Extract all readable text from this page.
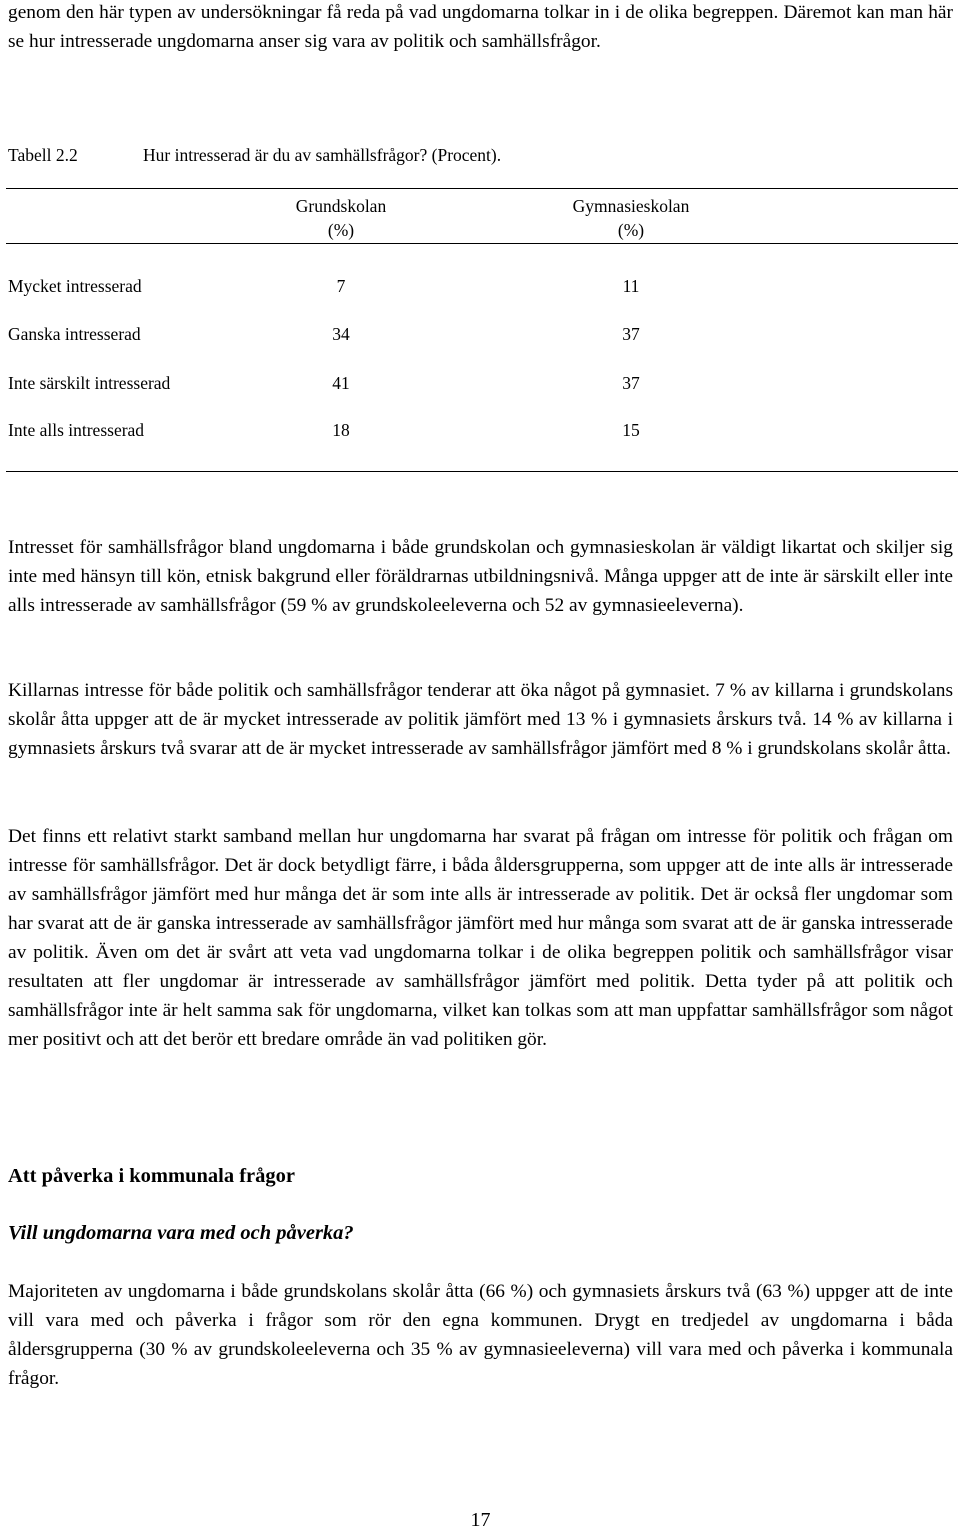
genom den här typen av undersökningar få reda på vad ungdomarna tolkar in i de olika begreppen. Däremot kan man här se hur intresserade ungdomarna anser sig vara av politik och samhällsfrågor.

Tabell 2.2	Hur intresserad är du av samhällsfrågor? (Procent).
Grundskolan
(%)
Gymnasieskolan
(%)
Mycket intresserad	7	11
Ganska intresserad	34	37
Inte särskilt intresserad	41	37
Inte alls intresserad	18	15

Intresset för samhällsfrågor bland ungdomarna i både grundskolan och gymnasieskolan är väldigt likartat och skiljer sig inte med hänsyn till kön, etnisk bakgrund eller föräldrarnas utbildningsnivå. Många uppger att de inte är särskilt eller inte alls intresserade av samhällsfrågor (59 % av grundskoleeleverna och 52 av gymnasieeleverna).

Killarnas intresse för både politik och samhällsfrågor tenderar att öka något på gymnasiet. 7 % av killarna i grundskolans skolår åtta uppger att de är mycket intresserade av politik jämfört med 13 % i gymnasiets årskurs två. 14 % av killarna i gymnasiets årskurs två svarar att de är mycket intresserade av samhällsfrågor jämfört med 8 % i grundskolans skolår åtta.

Det finns ett relativt starkt samband mellan hur ungdomarna har svarat på frågan om intresse för politik och frågan om intresse för samhällsfrågor. Det är dock betydligt färre, i båda åldersgrupperna, som uppger att de inte alls är intresserade av samhällsfrågor jämfört med hur många det är som inte alls är intresserade av politik. Det är också fler ungdomar som har svarat att de är ganska intresserade av samhällsfrågor jämfört med hur många som svarat att de är ganska intresserade av politik. Även om det är svårt att veta vad ungdomarna tolkar i de olika begreppen politik och samhällsfrågor visar resultaten att fler ungdomar är intresserade av samhällsfrågor jämfört med politik. Detta tyder på att politik och samhällsfrågor inte är helt samma sak för ungdomarna, vilket kan tolkas som att man uppfattar samhällsfrågor som något mer positivt och att det berör ett bredare område än vad politiken gör.

Att påverka i kommunala frågor
Vill ungdomarna vara med och påverka?

Majoriteten av ungdomarna i både grundskolans skolår åtta (66 %) och gymnasiets årskurs två (63 %) uppger att de inte vill vara med och påverka i frågor som rör den egna kommunen. Drygt en tredjedel av ungdomarna i båda åldersgrupperna (30 % av grundskoleeleverna och 35 % av gymnasieeleverna) vill vara med och påverka i kommunala frågor.

17
